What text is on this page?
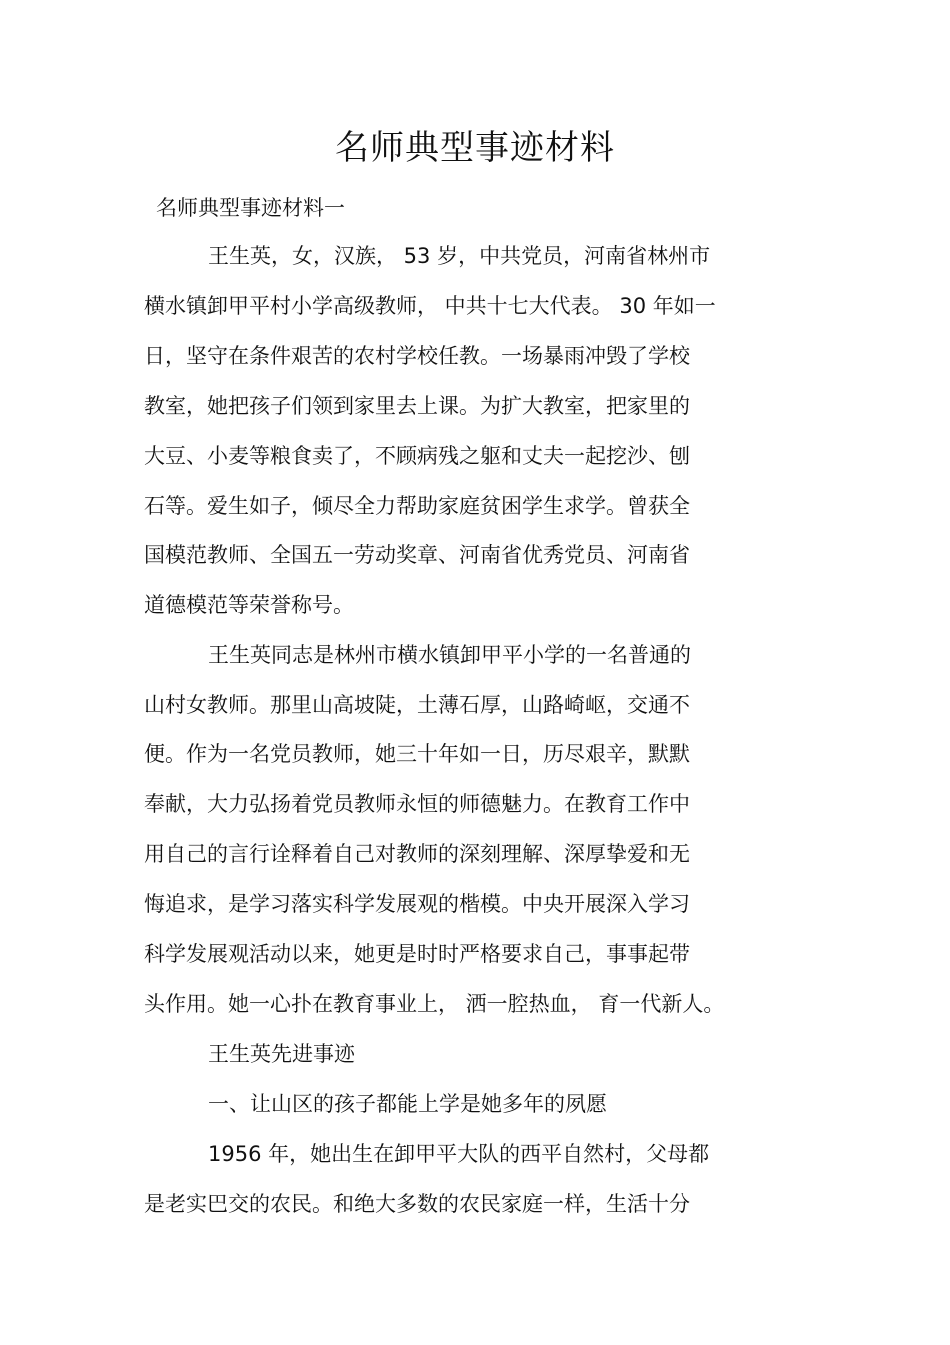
名师典型事迹材料

名师典型事迹材料一

王生英，女，汉族， 53 岁，中共党员，河南省林州市

横水镇卸甲平村小学高级教师， 中共十七大代表。 30 年如一

日，坚守在条件艰苦的农村学校任教。一场暴雨冲毁了学校

教室，她把孩子们领到家里去上课。为扩大教室，把家里的

大豆、小麦等粮食卖了，不顾病残之躯和丈夫一起挖沙、刨

石等。爱生如子，倾尽全力帮助家庭贫困学生求学。曾获全

国模范教师、全国五一劳动奖章、河南省优秀党员、河南省

道德模范等荣誉称号。

王生英同志是林州市横水镇卸甲平小学的一名普通的

山村女教师。那里山高坡陡，土薄石厚，山路崎岖，交通不

便。作为一名党员教师，她三十年如一日，历尽艰辛，默默

奉献，大力弘扬着党员教师永恒的师德魅力。在教育工作中

用自己的言行诠释着自己对教师的深刻理解、深厚挚爱和无

悔追求，是学习落实科学发展观的楷模。中央开展深入学习

科学发展观活动以来，她更是时时严格要求自己，事事起带

头作用。她一心扑在教育事业上， 洒一腔热血， 育一代新人。

王生英先进事迹

一、让山区的孩子都能上学是她多年的夙愿

1956 年，她出生在卸甲平大队的西平自然村，父母都

是老实巴交的农民。和绝大多数的农民家庭一样，生活十分
